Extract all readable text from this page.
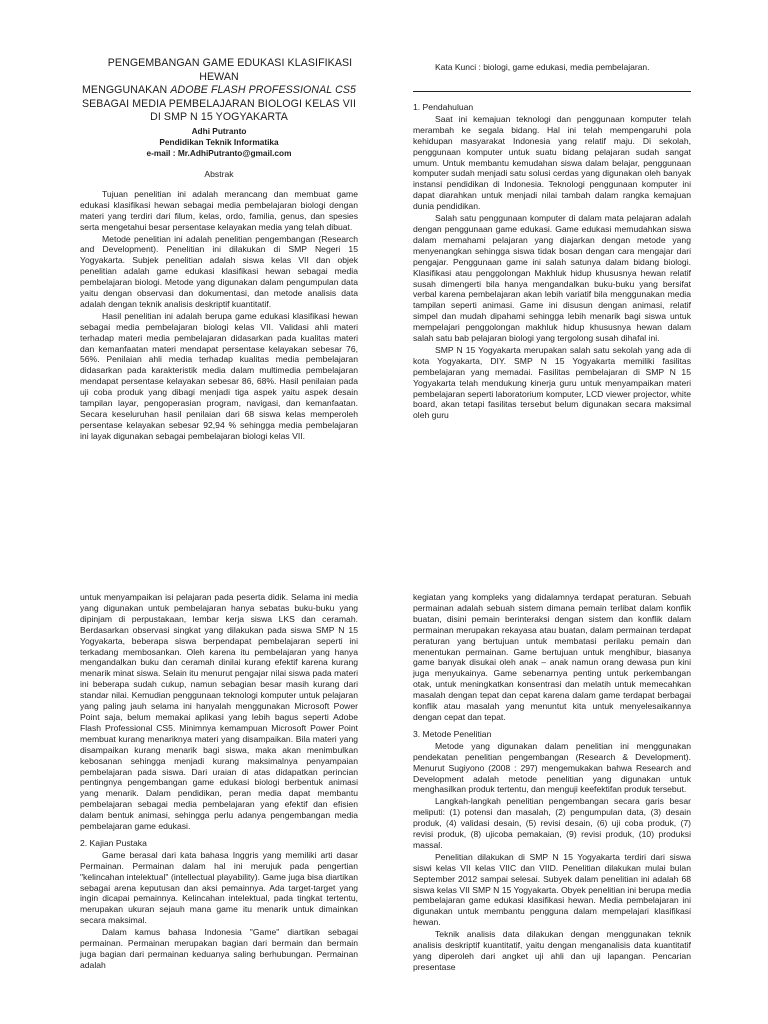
PENGEMBANGAN GAME EDUKASI KLASIFIKASI HEWAN
MENGGUNAKAN ADOBE FLASH PROFESSIONAL CS5
SEBAGAI MEDIA PEMBELAJARAN BIOLOGI KELAS VII
DI SMP N 15 YOGYAKARTA

Adhi Putranto
Pendidikan Teknik Informatika
e-mail : Mr.AdhiPutranto@gmail.com
Abstrak

Tujuan penelitian ini adalah merancang dan membuat game edukasi klasifikasi hewan sebagai media pembelajaran biologi dengan materi yang terdiri dari filum, kelas, ordo, familia, genus, dan spesies serta mengetahui besar persentase kelayakan media yang telah dibuat.

Metode penelitian ini adalah penelitian pengembangan (Research and Development). Penelitian ini dilakukan di SMP Negeri 15 Yogyakarta. Subjek penelitian adalah siswa kelas VII dan objek penelitian adalah game edukasi klasifikasi hewan sebagai media pembelajaran biologi. Metode yang digunakan dalam pengumpulan data yaitu dengan observasi dan dokumentasi, dan metode analisis data adalah dengan teknik analisis deskriptif kuantitatif.

Hasil penelitian ini adalah berupa game edukasi klasifikasi hewan sebagai media pembelajaran biologi kelas VII. Validasi ahli materi terhadap materi media pembelajaran didasarkan pada kualitas materi dan kemanfaatan materi mendapat persentase kelayakan sebesar 76, 56%. Penilaian ahli media terhadap kualitas media pembelajaran didasarkan pada karakteristik media dalam multimedia pembelajaran mendapat persentase kelayakan sebesar 86, 68%. Hasil penilaian pada uji coba produk yang dibagi menjadi tiga aspek yaitu aspek desain tampilan layar, pengoperasian program, navigasi, dan kemanfaatan. Secara keseluruhan hasil penilaian dari 68 siswa kelas memperoleh persentase kelayakan sebesar 92,94 % sehingga media pembelajaran ini layak digunakan sebagai pembelajaran biologi kelas VII.

Kata Kunci : biologi, game edukasi, media pembelajaran.

1. Pendahuluan

Saat ini kemajuan teknologi dan penggunaan komputer telah merambah ke segala bidang. Hal ini telah mempengaruhi pola kehidupan masyarakat Indonesia yang relatif maju. Di sekolah, penggunaan komputer untuk suatu bidang pelajaran sudah sangat umum. Untuk membantu kemudahan siswa dalam belajar, penggunaan komputer sudah menjadi satu solusi cerdas yang digunakan oleh banyak instansi pendidikan di Indonesia. Teknologi penggunaan komputer ini dapat diarahkan untuk menjadi nilai tambah dalam rangka kemajuan dunia pendidikan.

Salah satu penggunaan komputer di dalam mata pelajaran adalah dengan penggunaan game edukasi. Game edukasi memudahkan siswa dalam memahami pelajaran yang diajarkan dengan metode yang menyenangkan sehingga siswa tidak bosan dengan cara mengajar dari pengajar. Penggunaan game ini salah satunya dalam bidang biologi. Klasifikasi atau penggolongan Makhluk hidup khususnya hewan relatif susah dimengerti bila hanya mengandalkan buku-buku yang bersifat verbal karena pembelajaran akan lebih variatif bila menggunakan media tampilan seperti animasi. Game ini disusun dengan animasi, relatif simpel dan mudah dipahami sehingga lebih menarik bagi siswa untuk mempelajari penggolongan makhluk hidup khususnya hewan dalam salah satu bab pelajaran biologi yang tergolong susah dihafal ini.

SMP N 15 Yogyakarta merupakan salah satu sekolah yang ada di kota Yogyakarta, DIY. SMP N 15 Yogyakarta memiliki fasilitas pembelajaran yang memadai. Fasilitas pembelajaran di SMP N 15 Yogyakarta telah mendukung kinerja guru untuk menyampaikan materi pembelajaran seperti laboratorium komputer, LCD viewer projector, white board, akan tetapi fasilitas tersebut belum digunakan secara maksimal oleh guru

untuk menyampaikan isi pelajaran pada peserta didik. Selama ini media yang digunakan untuk pembelajaran hanya sebatas buku-buku yang dipinjam di perpustakaan, lembar kerja siswa LKS dan ceramah. Berdasarkan observasi singkat yang dilakukan pada siswa SMP N 15 Yogyakarta, beberapa siswa berpendapat pembelajaran seperti ini terkadang membosankan. Oleh karena itu pembelajaran yang hanya mengandalkan buku dan ceramah dinilai kurang efektif karena kurang menarik minat siswa. Selain itu menurut pengajar nilai siswa pada materi ini beberapa sudah cukup, namun sebagian besar masih kurang dari standar nilai. Kemudian penggunaan teknologi komputer untuk pelajaran yang paling jauh selama ini hanyalah menggunakan Microsoft Power Point saja, belum memakai aplikasi yang lebih bagus seperti Adobe Flash Professional CS5. Minimnya kemampuan Microsoft Power Point membuat kurang menariknya materi yang disampaikan. Bila materi yang disampaikan kurang menarik bagi siswa, maka akan menimbulkan kebosanan sehingga menjadi kurang maksimalnya penyampaian pembelajaran pada siswa. Dari uraian di atas didapatkan perincian pentingnya pengembangan game edukasi biologi berbentuk animasi yang menarik. Dalam pendidikan, peran media dapat membantu pembelajaran sebagai media pembelajaran yang efektif dan efisien dalam bentuk animasi, sehingga perlu adanya pengembangan media pembelajaran game edukasi.

2. Kajian Pustaka

Game berasal dari kata bahasa Inggris yang memiliki arti dasar Permainan. Permainan dalam hal ini merujuk pada pengertian "kelincahan intelektual" (intellectual playability). Game juga bisa diartikan sebagai arena keputusan dan aksi pemainnya. Ada target-target yang ingin dicapai pemainnya. Kelincahan intelektual, pada tingkat tertentu, merupakan ukuran sejauh mana game itu menarik untuk dimainkan secara maksimal.

Dalam kamus bahasa Indonesia "Game" diartikan sebagai permainan. Permainan merupakan bagian dari bermain dan bermain juga bagian dari permainan keduanya saling berhubungan. Permainan adalah

kegiatan yang kompleks yang didalamnya terdapat peraturan. Sebuah permainan adalah sebuah sistem dimana pemain terlibat dalam konflik buatan, disini pemain berinteraksi dengan sistem dan konflik dalam permainan merupakan rekayasa atau buatan, dalam permainan terdapat peraturan yang bertujuan untuk membatasi perilaku pemain dan menentukan permainan. Game bertujuan untuk menghibur, biasanya game banyak disukai oleh anak – anak namun orang dewasa pun kini juga menyukainya. Game sebenarnya penting untuk perkembangan otak, untuk meningkatkan konsentrasi dan melatih untuk memecahkan masalah dengan tepat dan cepat karena dalam game terdapat berbagai konflik atau masalah yang menuntut kita untuk menyelesaikannya dengan cepat dan tepat.

3. Metode Penelitian

Metode yang digunakan dalam penelitian ini menggunakan pendekatan penelitian pengembangan (Research & Development). Menurut Sugiyono (2008 : 297) mengemukakan bahwa Research and Development adalah metode penelitian yang digunakan untuk menghasilkan produk tertentu, dan menguji keefektifan produk tersebut.

Langkah-langkah penelitian pengembangan secara garis besar meliputi: (1) potensi dan masalah, (2) pengumpulan data, (3) desain produk, (4) validasi desain, (5) revisi desain, (6) uji coba produk, (7) revisi produk, (8) ujicoba pemakaian, (9) revisi produk, (10) produksi massal.

Penelitian dilakukan di SMP N 15 Yogyakarta terdiri dari siswa siswi kelas VII kelas VIIC dan VIID. Penelitian dilakukan mulai bulan September 2012 sampai selesai. Subyek dalam penelitian ini adalah 68 siswa kelas VII SMP N 15 Yogyakarta. Obyek penelitian ini berupa media pembelajaran game edukasi klasifikasi hewan. Media pembelajaran ini digunakan untuk membantu pengguna dalam mempelajari klasifikasi hewan.

Teknik analisis data dilakukan dengan menggunakan teknik analisis deskriptif kuantitatif, yaitu dengan menganalisis data kuantitatif yang diperoleh dari angket uji ahli dan uji lapangan. Pencarian presentase
